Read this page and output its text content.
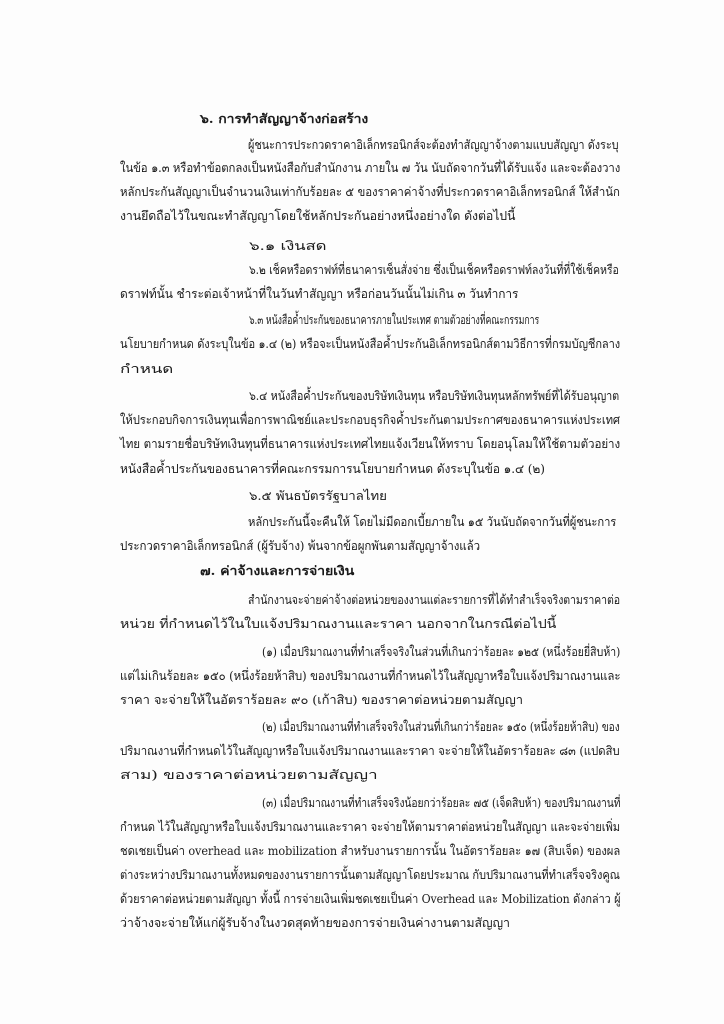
๖. การทำสัญญาจ้างก่อสร้าง
ผู้ชนะการประกวดราคาอิเล็กทรอนิกส์จะต้องทำสัญญาจ้างตามแบบสัญญา ดังระบุ
ในข้อ ๑.๓ หรือทำข้อตกลงเป็นหนังสือกับสำนักงาน ภายใน ๗ วัน นับถัดจากวันที่ได้รับแจ้ง และจะต้องวาง
หลักประกันสัญญาเป็นจำนวนเงินเท่ากับร้อยละ ๕ ของราคาค่าจ้างที่ประกวดราคาอิเล็กทรอนิกส์ ให้สำนัก
งานยึดถือไว้ในขณะทำสัญญาโดยใช้หลักประกันอย่างหนึ่งอย่างใด ดังต่อไปนี้
๖.๑ เงินสด
๖.๒ เช็คหรือดราฟท์ที่ธนาคารเซ็นสั่งจ่าย ซึ่งเป็นเช็คหรือดราฟท์ลงวันที่ที่ใช้เช็คหรือ
ดราฟท์นั้น ชำระต่อเจ้าหน้าที่ในวันทำสัญญา หรือก่อนวันนั้นไม่เกิน ๓ วันทำการ
๖.๓ หนังสือค้ำประกันของธนาคารภายในประเทศ ตามตัวอย่างที่คณะกรรมการ
นโยบายกำหนด ดังระบุในข้อ ๑.๔ (๒) หรือจะเป็นหนังสือค้ำประกันอิเล็กทรอนิกส์ตามวิธีการที่กรมบัญชีกลาง
กำหนด
๖.๔ หนังสือค้ำประกันของบริษัทเงินทุน หรือบริษัทเงินทุนหลักทรัพย์ที่ได้รับอนุญาต
ให้ประกอบกิจการเงินทุนเพื่อการพาณิชย์และประกอบธุรกิจค้ำประกันตามประกาศของธนาคารแห่งประเทศ
ไทย ตามรายชื่อบริษัทเงินทุนที่ธนาคารแห่งประเทศไทยแจ้งเวียนให้ทราบ โดยอนุโลมให้ใช้ตามตัวอย่าง
หนังสือค้ำประกันของธนาคารที่คณะกรรมการนโยบายกำหนด ดังระบุในข้อ ๑.๔ (๒)
๖.๕ พันธบัตรรัฐบาลไทย
หลักประกันนี้จะคืนให้ โดยไม่มีดอกเบี้ยภายใน ๑๕ วันนับถัดจากวันที่ผู้ชนะการ
ประกวดราคาอิเล็กทรอนิกส์ (ผู้รับจ้าง) พ้นจากข้อผูกพันตามสัญญาจ้างแล้ว
๗. ค่าจ้างและการจ่ายเงิน
สำนักงานจะจ่ายค่าจ้างต่อหน่วยของงานแต่ละรายการที่ได้ทำสำเร็จจริงตามราคาต่อ
หน่วย ที่กำหนดไว้ในใบแจ้งปริมาณงานและราคา นอกจากในกรณีต่อไปนี้
(๑) เมื่อปริมาณงานที่ทำเสร็จจริงในส่วนที่เกินกว่าร้อยละ ๑๒๕ (หนึ่งร้อยยี่สิบห้า)
แต่ไม่เกินร้อยละ ๑๕๐ (หนึ่งร้อยห้าสิบ) ของปริมาณงานที่กำหนดไว้ในสัญญาหรือใบแจ้งปริมาณงานและ
ราคา จะจ่ายให้ในอัตราร้อยละ ๙๐ (เก้าสิบ) ของราคาต่อหน่วยตามสัญญา
(๒) เมื่อปริมาณงานที่ทำเสร็จจริงในส่วนที่เกินกว่าร้อยละ ๑๕๐ (หนึ่งร้อยห้าสิบ) ของ
ปริมาณงานที่กำหนดไว้ในสัญญาหรือใบแจ้งปริมาณงานและราคา จะจ่ายให้ในอัตราร้อยละ ๘๓ (แปดสิบ
สาม) ของราคาต่อหน่วยตามสัญญา
(๓) เมื่อปริมาณงานที่ทำเสร็จจริงน้อยกว่าร้อยละ ๗๕ (เจ็ดสิบห้า) ของปริมาณงานที่
กำหนด ไว้ในสัญญาหรือใบแจ้งปริมาณงานและราคา จะจ่ายให้ตามราคาต่อหน่วยในสัญญา และจะจ่ายเพิ่ม
ชดเชยเป็นค่า overhead และ mobilization สำหรับงานรายการนั้น ในอัตราร้อยละ ๑๗ (สิบเจ็ด) ของผล
ต่างระหว่างปริมาณงานทั้งหมดของงานรายการนั้นตามสัญญาโดยประมาณ กับปริมาณงานที่ทำเสร็จจริงคูณ
ด้วยราคาต่อหน่วยตามสัญญา ทั้งนี้ การจ่ายเงินเพิ่มชดเชยเป็นค่า Overhead และ Mobilization ดังกล่าว ผู้
ว่าจ้างจะจ่ายให้แก่ผู้รับจ้างในงวดสุดท้ายของการจ่ายเงินค่างานตามสัญญา
